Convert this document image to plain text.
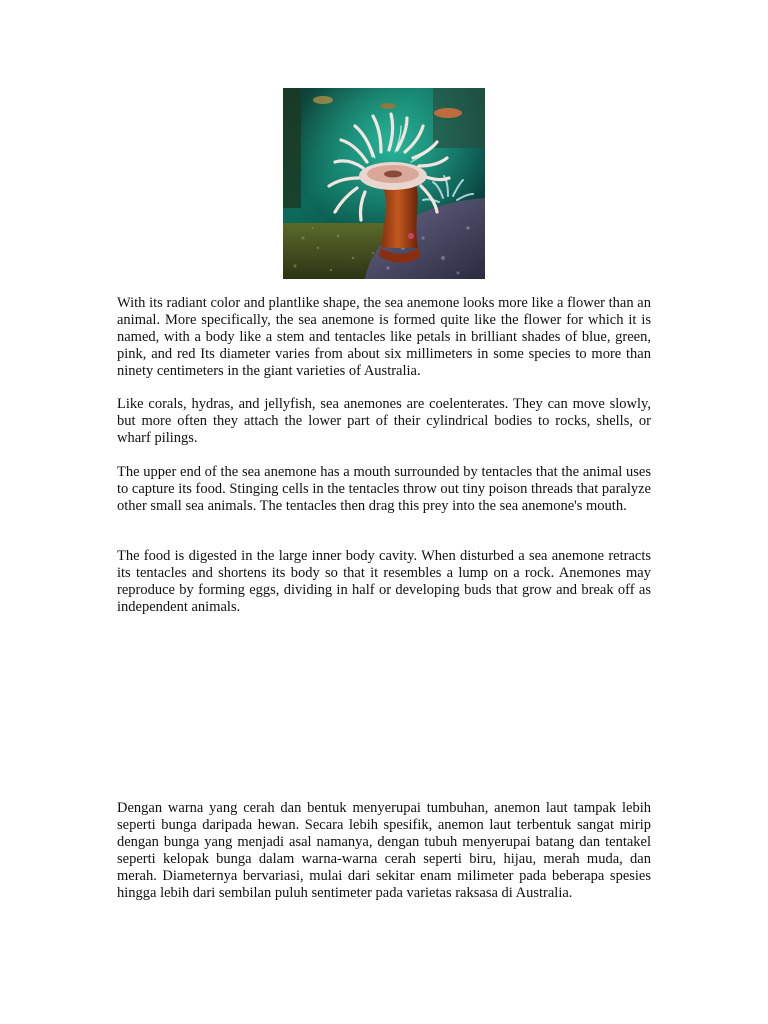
With its radiant color and plantlike shape, the sea anemone looks more like a flower than an animal. More specifically, the sea anemone is formed quite like the flower for which it is named, with a body like a stem and tentacles like petals in brilliant shades of blue, green, pink, and red Its diameter varies from about six millimeters in some species to more than ninety centimeters in the giant varieties of Australia.

Like corals, hydras, and jellyfish, sea anemones are coelenterates. They can move slowly, but more often they attach the lower part of their cylindrical bodies to rocks, shells, or wharf pilings.

The upper end of the sea anemone has a mouth surrounded by tentacles that the animal uses to capture its food. Stinging cells in the tentacles throw out tiny poison threads that paralyze other small sea animals. The tentacles then drag this prey into the sea anemone's mouth.

The food is digested in the large inner body cavity. When disturbed a sea anemone retracts its tentacles and shortens its body so that it resembles a lump on a rock. Anemones may reproduce by forming eggs, dividing in half or developing buds that grow and break off as independent animals.

Dengan warna yang cerah dan bentuk menyerupai tumbuhan, anemon laut tampak lebih seperti bunga daripada hewan. Secara lebih spesifik, anemon laut terbentuk sangat mirip dengan bunga yang menjadi asal namanya, dengan tubuh menyerupai batang dan tentakel seperti kelopak bunga dalam warna-warna cerah seperti biru, hijau, merah muda, dan merah. Diameternya bervariasi, mulai dari sekitar enam milimeter pada beberapa spesies hingga lebih dari sembilan puluh sentimeter pada varietas raksasa di Australia.
